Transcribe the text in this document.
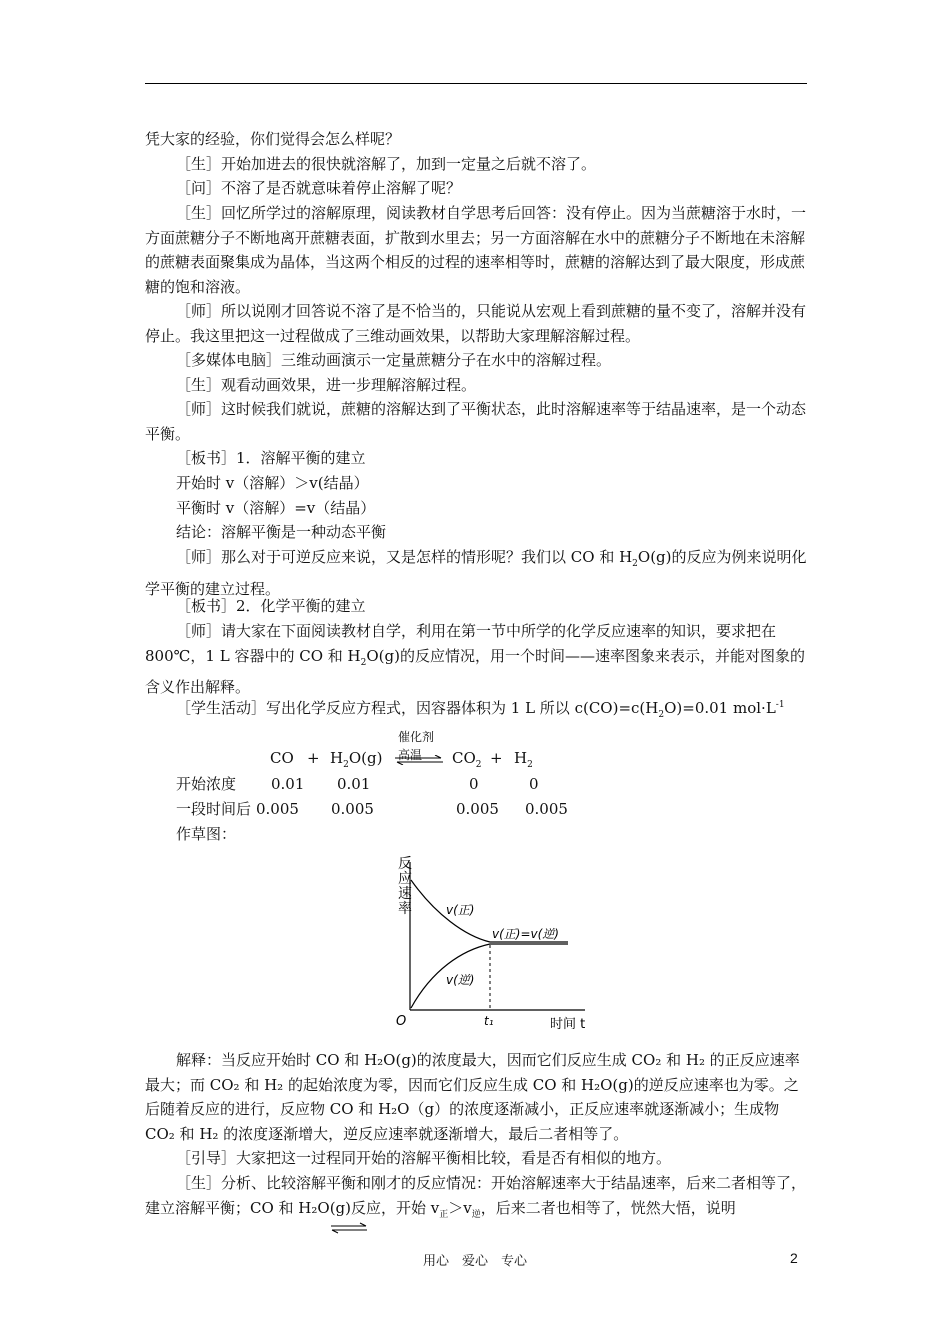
凭大家的经验，你们觉得会怎么样呢？

［生］开始加进去的很快就溶解了，加到一定量之后就不溶了。

［问］不溶了是否就意味着停止溶解了呢？

［生］回忆所学过的溶解原理，阅读教材自学思考后回答：没有停止。因为当蔗糖溶于水时，一方面蔗糖分子不断地离开蔗糖表面，扩散到水里去；另一方面溶解在水中的蔗糖分子不断地在未溶解的蔗糖表面聚集成为晶体，当这两个相反的过程的速率相等时，蔗糖的溶解达到了最大限度，形成蔗糖的饱和溶液。

［师］所以说刚才回答说不溶了是不恰当的，只能说从宏观上看到蔗糖的量不变了，溶解并没有停止。我这里把这一过程做成了三维动画效果，以帮助大家理解溶解过程。

［多媒体电脑］三维动画演示一定量蔗糖分子在水中的溶解过程。

［生］观看动画效果，进一步理解溶解过程。

［师］这时候我们就说，蔗糖的溶解达到了平衡状态，此时溶解速率等于结晶速率，是一个动态平衡。

［板书］1．溶解平衡的建立

开始时 v（溶解）＞v(结晶）

平衡时 v（溶解）=v（结晶）

结论：溶解平衡是一种动态平衡

［师］那么对于可逆反应来说，又是怎样的情形呢？我们以 CO 和 $H_2O(g)$的反应为例来说明化学平衡的建立过程。

［板书］2．化学平衡的建立

［师］请大家在下面阅读教材自学，利用在第一节中所学的化学反应速率的知识，要求把在 800℃，1 L 容器中的 CO 和 $H_2O(g)$的反应情况，用一个时间——速率图象来表示，并能对图象的含义作出解释。

［学生活动］写出化学反应方程式，因容器体积为 1 L 所以 $c(CO)=c(H_2O)=0.01$ $mol\cdot L^{-1}$

CO + $H_2O(g)$
催化剂
高温 ⇌ $CO_2 + H_2$
开始浓度 0.01 0.01	0	0
一段时间后 0.005 0.005	0.005 0.005
作草图：
反
应
速
率	v(正)
v(逆)
v(正)=v(逆)
O	t₁	时间 t

解释：当反应开始时 CO 和 H₂O(g)的浓度最大，因而它们反应生成 CO₂ 和 H₂ 的正反应速率最大；而 CO₂ 和 H₂ 的起始浓度为零，因而它们反应生成 CO 和 H₂O(g)的逆反应速率也为零。之后随着反应的进行，反应物 CO 和 H₂O（g）的浓度逐渐减小，正反应速率就逐渐减小；生成物 CO₂ 和 H₂ 的浓度逐渐增大，逆反应速率就逐渐增大，最后二者相等了。

［引导］大家把这一过程同开始的溶解平衡相比较，看是否有相似的地方。

［生］分析、比较溶解平衡和刚才的反应情况：开始溶解速率大于结晶速率，后来二者相等了，建立溶解平衡；CO 和 H₂O(g)反应，开始 $v_正>v_逆$，后来二者也相等了，恍然大悟，说明

用心　爱心　专心	2
